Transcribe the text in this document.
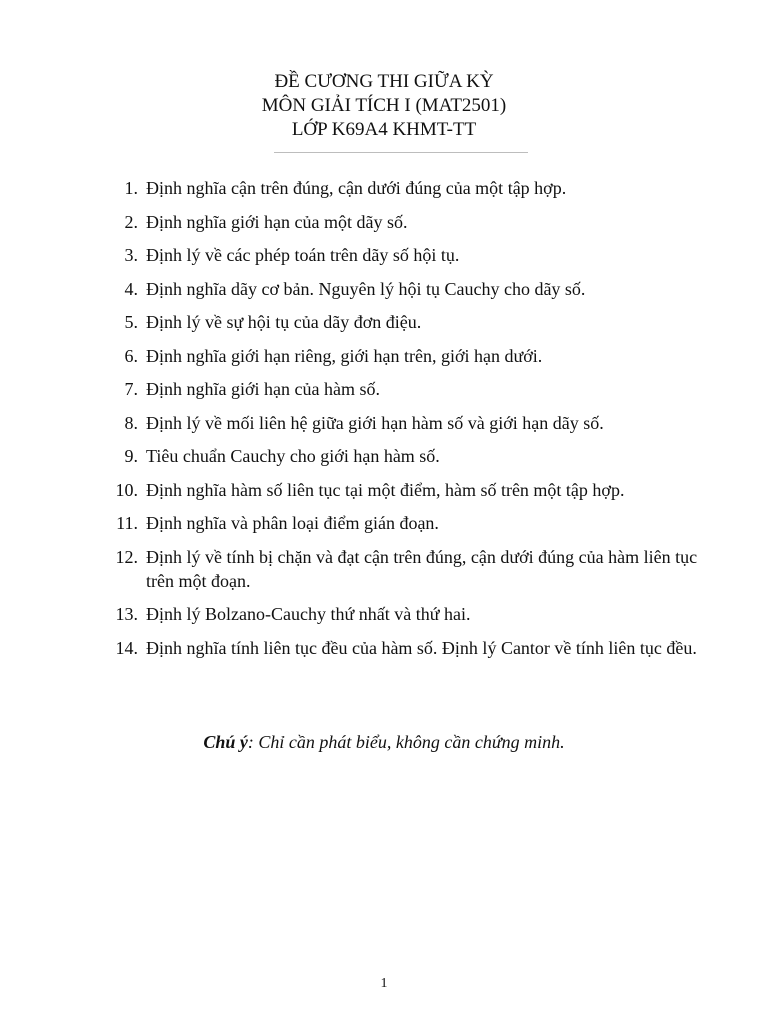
ĐỀ CƯƠNG THI GIỮA KỲ
MÔN GIẢI TÍCH I (MAT2501)
LỚP K69A4 KHMT-TT
1. Định nghĩa cận trên đúng, cận dưới đúng của một tập hợp.
2. Định nghĩa giới hạn của một dãy số.
3. Định lý về các phép toán trên dãy số hội tụ.
4. Định nghĩa dãy cơ bản. Nguyên lý hội tụ Cauchy cho dãy số.
5. Định lý về sự hội tụ của dãy đơn điệu.
6. Định nghĩa giới hạn riêng, giới hạn trên, giới hạn dưới.
7. Định nghĩa giới hạn của hàm số.
8. Định lý về mối liên hệ giữa giới hạn hàm số và giới hạn dãy số.
9. Tiêu chuẩn Cauchy cho giới hạn hàm số.
10. Định nghĩa hàm số liên tục tại một điểm, hàm số trên một tập hợp.
11. Định nghĩa và phân loại điểm gián đoạn.
12. Định lý về tính bị chặn và đạt cận trên đúng, cận dưới đúng của hàm liên tục trên một đoạn.
13. Định lý Bolzano-Cauchy thứ nhất và thứ hai.
14. Định nghĩa tính liên tục đều của hàm số. Định lý Cantor về tính liên tục đều.
Chú ý: Chỉ cần phát biểu, không cần chứng minh.
1
